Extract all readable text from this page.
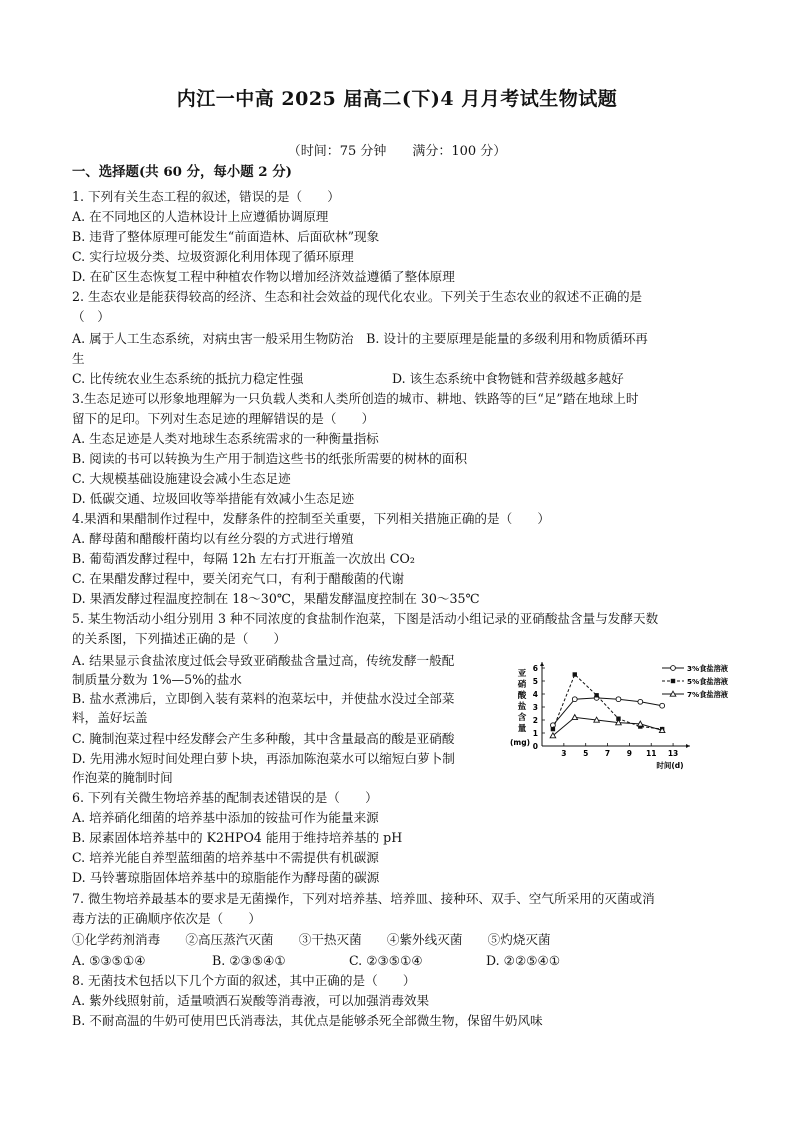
内江一中高 2025 届高二(下)4 月月考试生物试题
（时间：75 分钟　　满分：100 分）
一、选择题(共 60 分，每小题 2 分)
1. 下列有关生态工程的叙述，错误的是（　　）
A. 在不同地区的人造林设计上应遵循协调原理
B. 违背了整体原理可能发生“前面造林、后面砍林”现象
C. 实行垃圾分类、垃圾资源化利用体现了循环原理
D. 在矿区生态恢复工程中种植农作物以增加经济效益遵循了整体原理
2. 生态农业是能获得较高的经济、生态和社会效益的现代化农业。下列关于生态农业的叙述不正确的是
（　）
A. 属于人工生态系统，对病虫害一般采用生物防治　B. 设计的主要原理是能量的多级利用和物质循环再
生
C. 比传统农业生态系统的抵抗力稳定性强	D. 该生态系统中食物链和营养级越多越好
3.生态足迹可以形象地理解为一只负载人类和人类所创造的城市、耕地、铁路等的巨“足”踏在地球上时
留下的足印。下列对生态足迹的理解错误的是（　　）
A. 生态足迹是人类对地球生态系统需求的一种衡量指标
B. 阅读的书可以转换为生产用于制造这些书的纸张所需要的树林的面积
C. 大规模基础设施建设会减小生态足迹
D. 低碳交通、垃圾回收等举措能有效减小生态足迹
4.果酒和果醋制作过程中，发酵条件的控制至关重要，下列相关措施正确的是（　　）
A. 酵母菌和醋酸杆菌均以有丝分裂的方式进行增殖
B. 葡萄酒发酵过程中，每隔 12h 左右打开瓶盖一次放出 CO₂
C. 在果醋发酵过程中，要关闭充气口，有利于醋酸菌的代谢
D. 果酒发酵过程温度控制在 18～30℃，果醋发酵温度控制在 30～35℃
5. 某生物活动小组分别用 3 种不同浓度的食盐制作泡菜，下图是活动小组记录的亚硝酸盐含量与发酵天数
的关系图，下列描述正确的是（　　）
A. 结果显示食盐浓度过低会导致亚硝酸盐含量过高，传统发酵一般配
制质量分数为 1%—5%的盐水
B. 盐水煮沸后，立即倒入装有菜料的泡菜坛中，并使盐水没过全部菜
料，盖好坛盖
C. 腌制泡菜过程中经发酵会产生多种酸，其中含量最高的酸是亚硝酸
D. 先用沸水短时间处理白萝卜块，再添加陈泡菜水可以缩短白萝卜制
作泡菜的腌制时间
亚
硝
酸
盐
含
量
(mg) 0
1
2
3
4
5
6
3 5 7 9 11 13
时间(d)
3%食盐溶液
5%食盐溶液
7%食盐溶液
6. 下列有关微生物培养基的配制表述错误的是（　　）
A. 培养硝化细菌的培养基中添加的铵盐可作为能量来源
B. 尿素固体培养基中的 K2HPO4 能用于维持培养基的 pH
C. 培养光能自养型蓝细菌的培养基中不需提供有机碳源
D. 马铃薯琼脂固体培养基中的琼脂能作为酵母菌的碳源
7. 微生物培养最基本的要求是无菌操作，下列对培养基、培养皿、接种环、双手、空气所采用的灭菌或消
毒方法的正确顺序依次是（　　）
①化学药剂消毒　　②高压蒸汽灭菌　　③干热灭菌　　④紫外线灭菌　　⑤灼烧灭菌
A. ⑤③⑤①④	B. ②③⑤④①	C. ②③⑤①④	D. ②②⑤④①
8. 无菌技术包括以下几个方面的叙述，其中正确的是（　　）
A. 紫外线照射前，适量喷洒石炭酸等消毒液，可以加强消毒效果
B. 不耐高温的牛奶可使用巴氏消毒法，其优点是能够杀死全部微生物，保留牛奶风味
